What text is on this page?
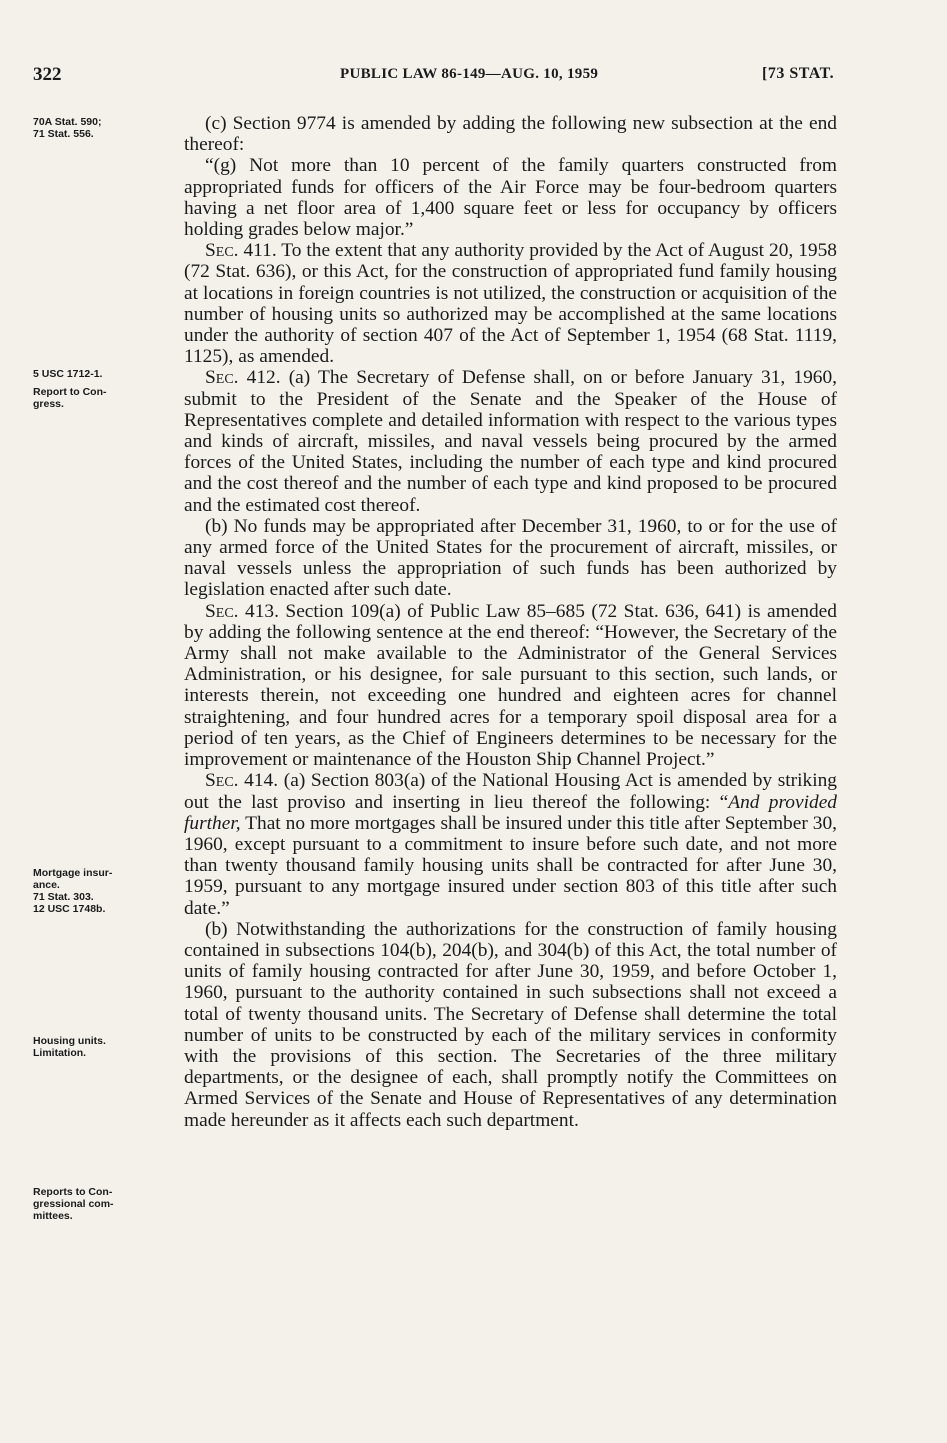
322	PUBLIC LAW 86-149—AUG. 10, 1959	[73 STAT.
70A Stat. 590;
71 Stat. 556.
5 USC 1712-1.
Report to Con-
gress.
Mortgage insur-
ance.
71 Stat. 303.
12 USC 1748b.
Housing units.
Limitation.
Reports to Con-
gressional com-
mittees.

(c) Section 9774 is amended by adding the following new subsection at the end thereof:

“(g) Not more than 10 percent of the family quarters constructed from appropriated funds for officers of the Air Force may be four-bedroom quarters having a net floor area of 1,400 square feet or less for occupancy by officers holding grades below major.”

Sec. 411. To the extent that any authority provided by the Act of August 20, 1958 (72 Stat. 636), or this Act, for the construction of appropriated fund family housing at locations in foreign countries is not utilized, the construction or acquisition of the number of housing units so authorized may be accomplished at the same locations under the authority of section 407 of the Act of September 1, 1954 (68 Stat. 1119, 1125), as amended.

Sec. 412. (a) The Secretary of Defense shall, on or before January 31, 1960, submit to the President of the Senate and the Speaker of the House of Representatives complete and detailed information with respect to the various types and kinds of aircraft, missiles, and naval vessels being procured by the armed forces of the United States, including the number of each type and kind procured and the cost thereof and the number of each type and kind proposed to be procured and the estimated cost thereof.

(b) No funds may be appropriated after December 31, 1960, to or for the use of any armed force of the United States for the procurement of aircraft, missiles, or naval vessels unless the appropriation of such funds has been authorized by legislation enacted after such date.

Sec. 413. Section 109(a) of Public Law 85–685 (72 Stat. 636, 641) is amended by adding the following sentence at the end thereof: “However, the Secretary of the Army shall not make available to the Administrator of the General Services Administration, or his designee, for sale pursuant to this section, such lands, or interests therein, not exceeding one hundred and eighteen acres for channel straightening, and four hundred acres for a temporary spoil disposal area for a period of ten years, as the Chief of Engineers determines to be necessary for the improvement or maintenance of the Houston Ship Channel Project.”

Sec. 414. (a) Section 803(a) of the National Housing Act is amended by striking out the last proviso and inserting in lieu thereof the following: “And provided further, That no more mortgages shall be insured under this title after September 30, 1960, except pursuant to a commitment to insure before such date, and not more than twenty thousand family housing units shall be contracted for after June 30, 1959, pursuant to any mortgage insured under section 803 of this title after such date.”

(b) Notwithstanding the authorizations for the construction of family housing contained in subsections 104(b), 204(b), and 304(b) of this Act, the total number of units of family housing contracted for after June 30, 1959, and before October 1, 1960, pursuant to the authority contained in such subsections shall not exceed a total of twenty thousand units. The Secretary of Defense shall determine the total number of units to be constructed by each of the military services in conformity with the provisions of this section. The Secretaries of the three military departments, or the designee of each, shall promptly notify the Committees on Armed Services of the Senate and House of Representatives of any determination made hereunder as it affects each such department.
